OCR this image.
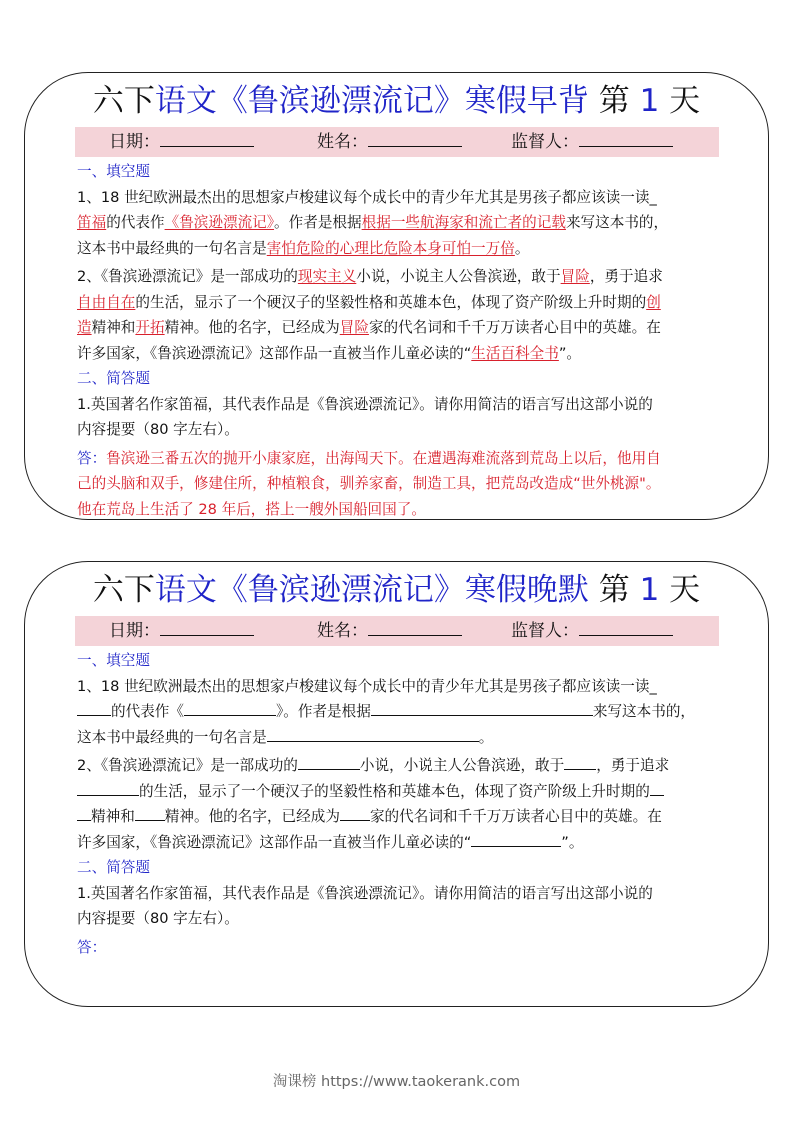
六下语文《鲁滨逊漂流记》寒假早背 第 1 天
日期：	姓名：	监督人：

一、填空题

1、18 世纪欧洲最杰出的思想家卢梭建议每个成长中的青少年尤其是男孩子都应该读一读_

笛福的代表作《鲁滨逊漂流记》。作者是根据根据一些航海家和流亡者的记载来写这本书的，

这本书中最经典的一句名言是害怕危险的心理比危险本身可怕一万倍。

2、《鲁滨逊漂流记》是一部成功的现实主义小说，小说主人公鲁滨逊，敢于冒险，勇于追求

自由自在的生活，显示了一个硬汉子的坚毅性格和英雄本色，体现了资产阶级上升时期的创

造精神和开拓精神。他的名字，已经成为冒险家的代名词和千千万万读者心目中的英雄。在

许多国家，《鲁滨逊漂流记》这部作品一直被当作儿童必读的“生活百科全书”。

二、简答题

1.英国著名作家笛福，其代表作品是《鲁滨逊漂流记》。请你用简洁的语言写出这部小说的

内容提要（80 字左右）。

答：鲁滨逊三番五次的抛开小康家庭，出海闯天下。在遭遇海难流落到荒岛上以后，他用自

己的头脑和双手，修建住所，种植粮食，驯养家畜，制造工具，把荒岛改造成“世外桃源"。

他在荒岛上生活了 28 年后，搭上一艘外国船回国了。

六下语文《鲁滨逊漂流记》寒假晚默 第 1 天
日期：	姓名：	监督人：

一、填空题

1、18 世纪欧洲最杰出的思想家卢梭建议每个成长中的青少年尤其是男孩子都应该读一读_

的代表作《	》。作者是根据	来写这本书的，

这本书中最经典的一句名言是	。

2、《鲁滨逊漂流记》是一部成功的	小说，小说主人公鲁滨逊，敢于 ，勇于追求

的生活，显示了一个硬汉子的坚毅性格和英雄本色，体现了资产阶级上升时期的

精神和 精神。他的名字，已经成为 家的代名词和千千万万读者心目中的英雄。在

许多国家，《鲁滨逊漂流记》这部作品一直被当作儿童必读的“	”。

二、简答题

1.英国著名作家笛福，其代表作品是《鲁滨逊漂流记》。请你用简洁的语言写出这部小说的

内容提要（80 字左右）。

答：

淘课榜 https://www.taokerank.com
